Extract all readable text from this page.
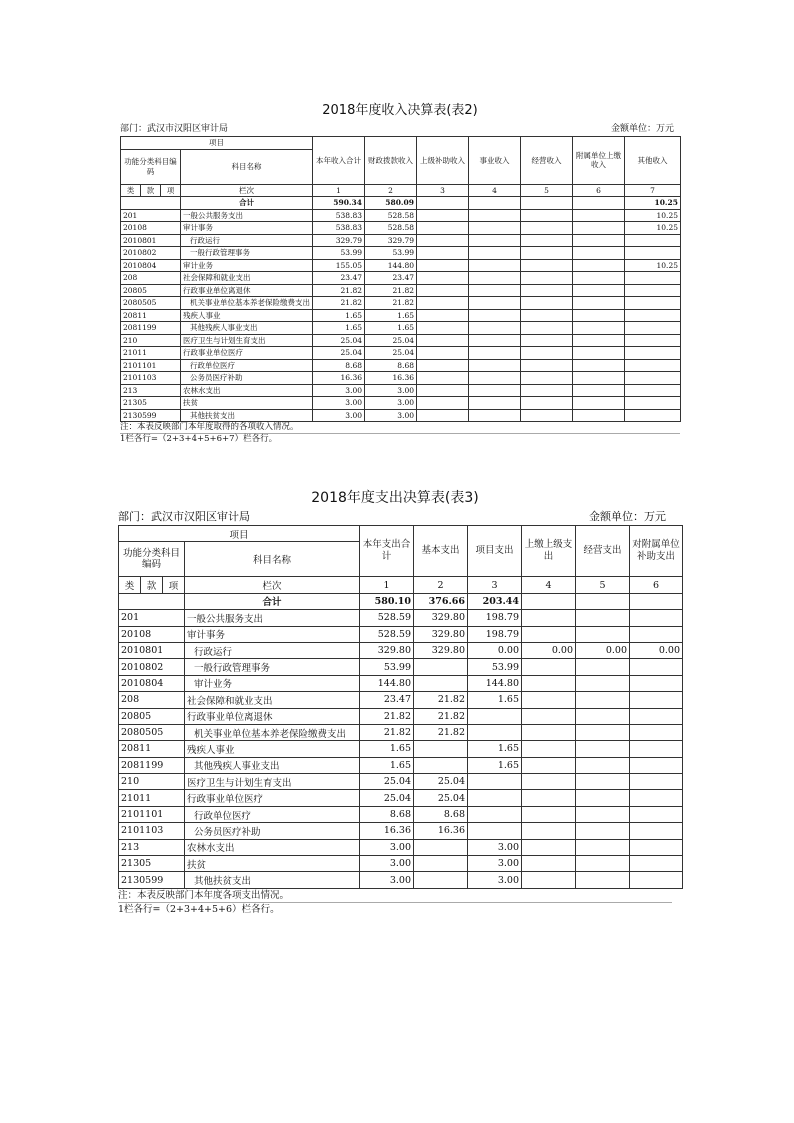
2018年度收入决算表(表2)
部门：武汉市汉阳区审计局	金额单位：万元
项目				本年收入合计	财政拨款收入	上级补助收入	事业收入	经营收入	附属单位上缴收入	其他收入
功能分类科目编码			科目名称							
类	款	项								
			栏次	1	2	3	4	5	6	7
			合计	590.34	580.09					10.25
201			一般公共服务支出	538.83	528.58					10.25
20108			审计事务	538.83	528.58					10.25
2010801			行政运行	329.79	329.79					
2010802			一般行政管理事务	53.99	53.99					
2010804			审计业务	155.05	144.80					10.25
208			社会保障和就业支出	23.47	23.47					
20805			行政事业单位离退休	21.82	21.82					
2080505			机关事业单位基本养老保险缴费支出	21.82	21.82					
20811			残疾人事业	1.65	1.65					
2081199			其他残疾人事业支出	1.65	1.65					
210			医疗卫生与计划生育支出	25.04	25.04					
21011			行政事业单位医疗	25.04	25.04					
2101101			行政单位医疗	8.68	8.68					
2101103			公务员医疗补助	16.36	16.36					
213			农林水支出	3.00	3.00					
21305			扶贫	3.00	3.00					
2130599			其他扶贫支出	3.00	3.00					
注：本表反映部门本年度取得的各项收入情况。
1栏各行=（2+3+4+5+6+7）栏各行。
2018年度支出决算表(表3)
部门：武汉市汉阳区审计局	金额单位：万元
项目				本年支出合计	基本支出	项目支出	上缴上级支出	经营支出	对附属单位补助支出
功能分类科目编码			科目名称						
类	款	项							
			栏次	1	2	3	4	5	6
			合计	580.10	376.66	203.44			
201			一般公共服务支出	528.59	329.80	198.79			
20108			审计事务	528.59	329.80	198.79			
2010801			行政运行	329.80	329.80	0.00	0.00	0.00	0.00
2010802			一般行政管理事务	53.99		53.99			
2010804			审计业务	144.80		144.80			
208			社会保障和就业支出	23.47	21.82	1.65			
20805			行政事业单位离退休	21.82	21.82				
2080505			机关事业单位基本养老保险缴费支出	21.82	21.82				
20811			残疾人事业	1.65		1.65			
2081199			其他残疾人事业支出	1.65		1.65			
210			医疗卫生与计划生育支出	25.04	25.04				
21011			行政事业单位医疗	25.04	25.04				
2101101			行政单位医疗	8.68	8.68				
2101103			公务员医疗补助	16.36	16.36				
213			农林水支出	3.00		3.00			
21305			扶贫	3.00		3.00			
2130599			其他扶贫支出	3.00		3.00			
注：本表反映部门本年度各项支出情况。
1栏各行=（2+3+4+5+6）栏各行。
